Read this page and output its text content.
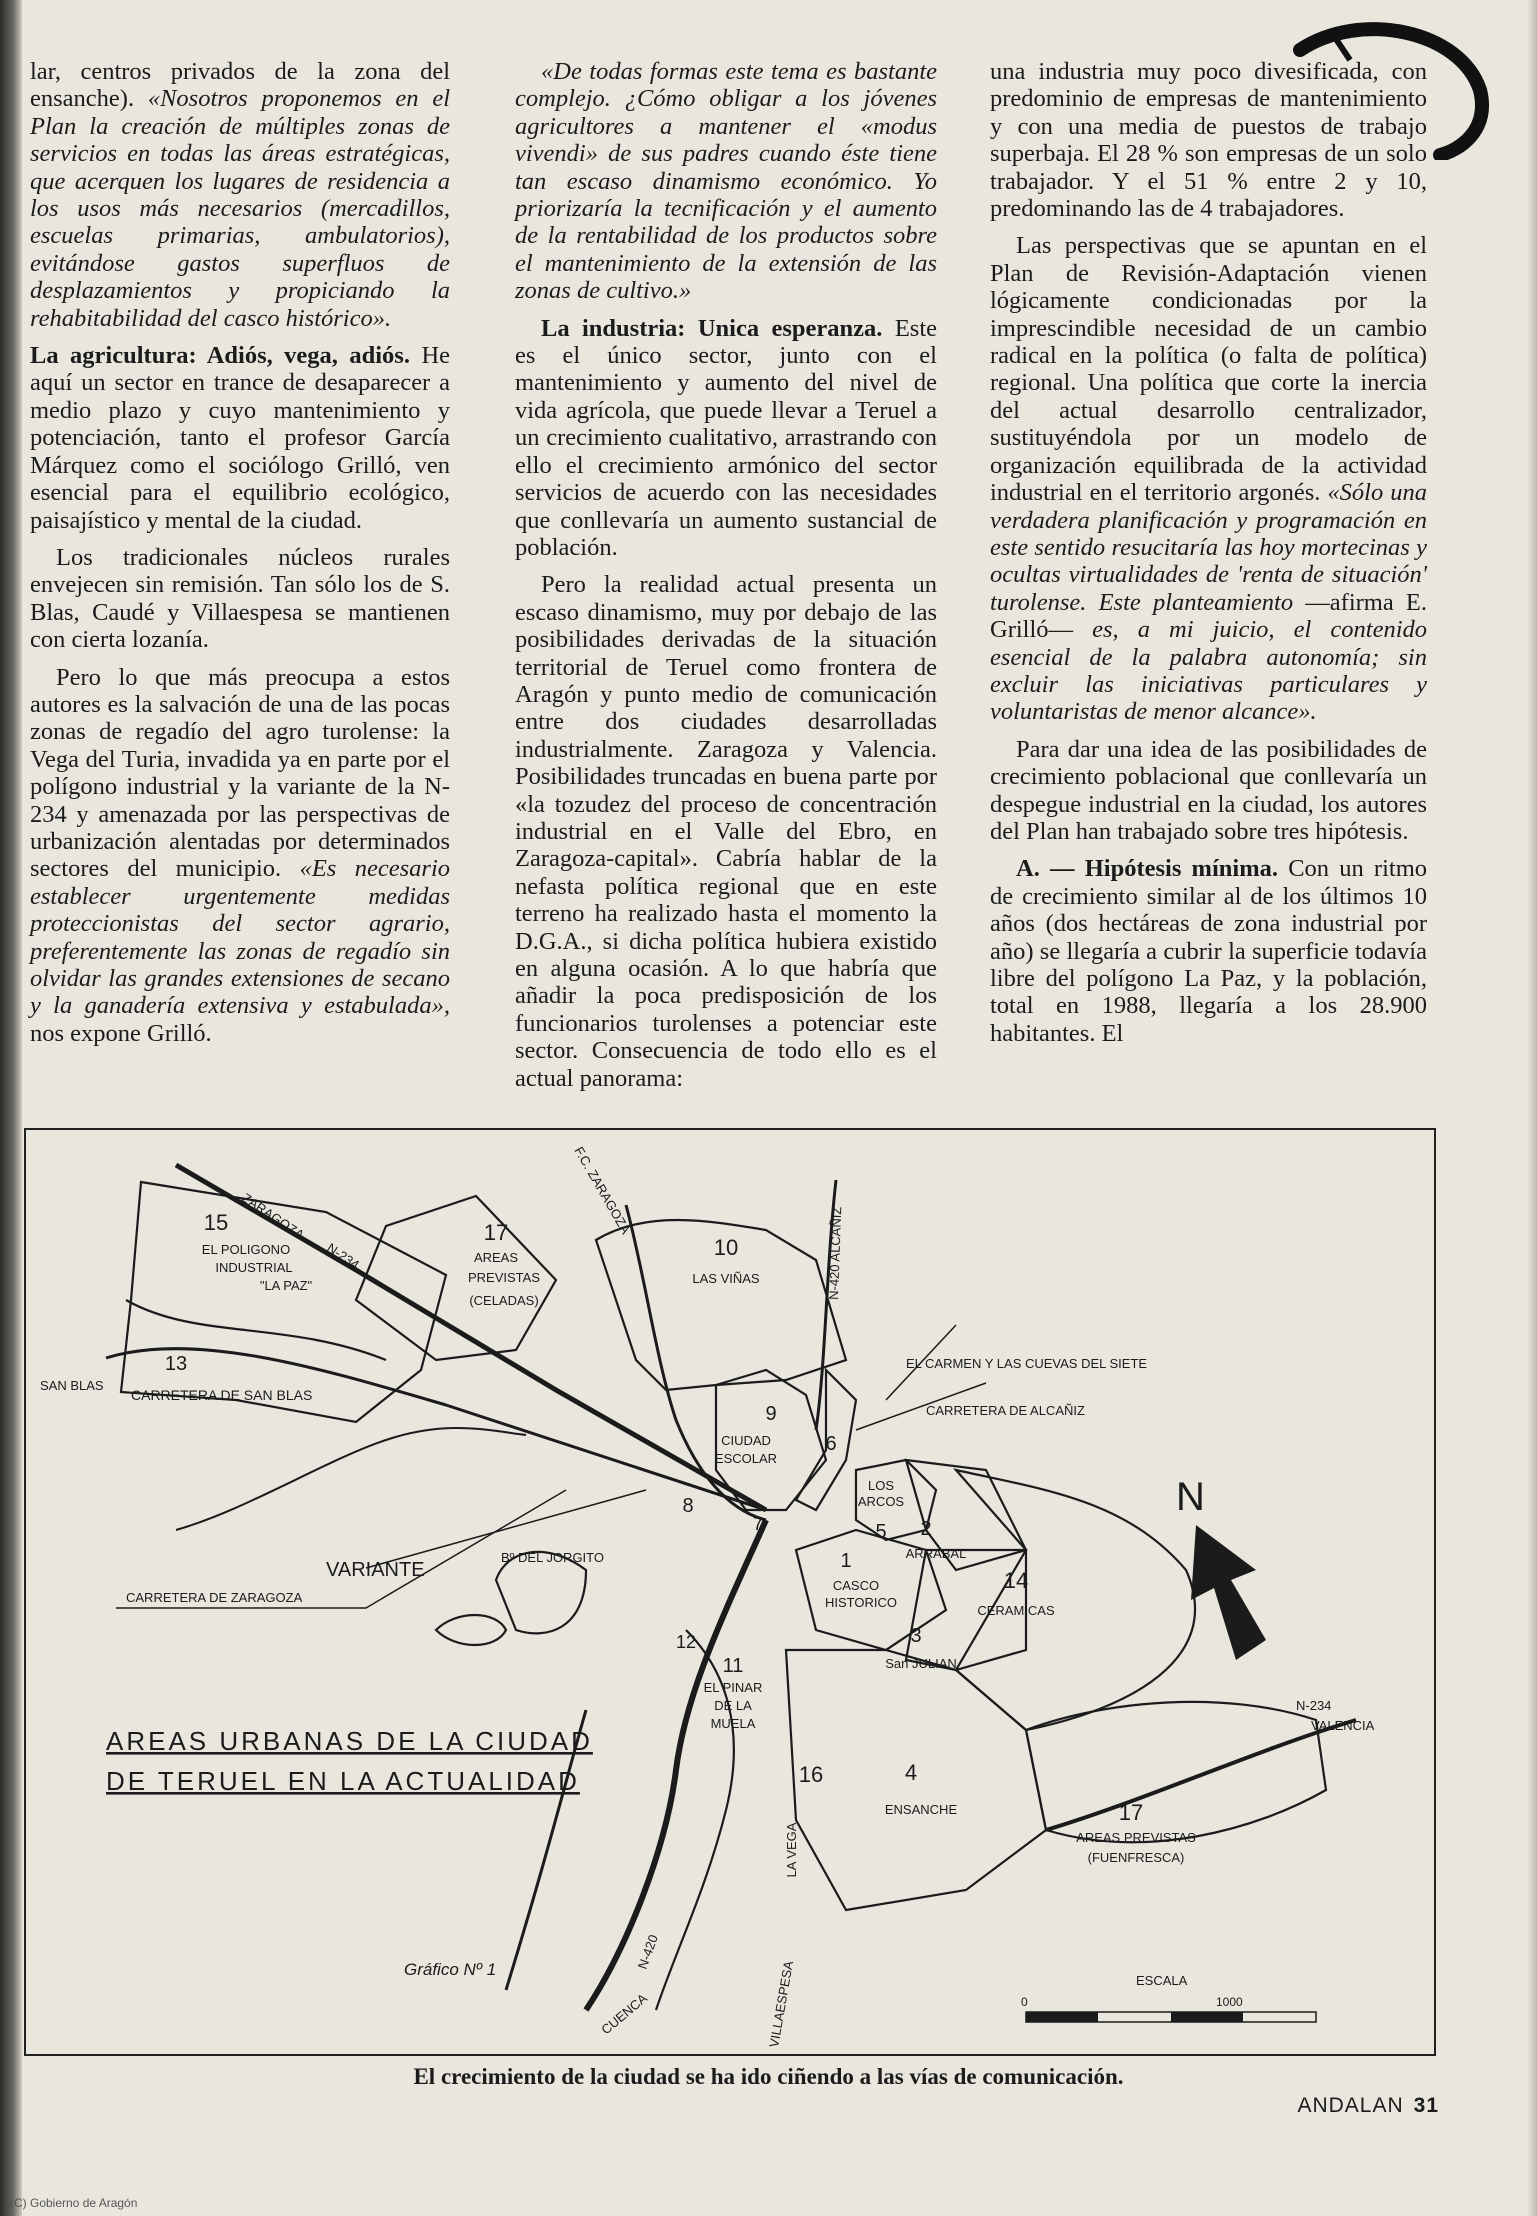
lar, centros privados de la zona del ensanche). «Nosotros proponemos en el Plan la creación de múltiples zonas de servicios en todas las áreas estratégicas, que acerquen los lugares de residencia a los usos más necesarios (mercadillos, escuelas primarias, ambulatorios), evitándose gastos superfluos de desplazamientos y propiciando la rehabitabilidad del casco histórico».

La agricultura: Adiós, vega, adiós. He aquí un sector en trance de desaparecer a medio plazo y cuyo mantenimiento y potenciación, tanto el profesor García Márquez como el sociólogo Grilló, ven esencial para el equilibrio ecológico, paisajístico y mental de la ciudad.

Los tradicionales núcleos rurales envejecen sin remisión. Tan sólo los de S. Blas, Caudé y Villaespesa se mantienen con cierta lozanía.

Pero lo que más preocupa a estos autores es la salvación de una de las pocas zonas de regadío del agro turolense: la Vega del Turia, invadida ya en parte por el polígono industrial y la variante de la N-234 y amenazada por las perspectivas de urbanización alentadas por determinados sectores del municipio. «Es necesario establecer urgentemente medidas proteccionistas del sector agrario, preferentemente las zonas de regadío sin olvidar las grandes extensiones de secano y la ganadería extensiva y estabulada», nos expone Grilló.

«De todas formas este tema es bastante complejo. ¿Cómo obligar a los jóvenes agricultores a mantener el «modus vivendi» de sus padres cuando éste tiene tan escaso dinamismo económico. Yo priorizaría la tecnificación y el aumento de la rentabilidad de los productos sobre el mantenimiento de la extensión de las zonas de cultivo.»

La industria: Unica esperanza. Este es el único sector, junto con el mantenimiento y aumento del nivel de vida agrícola, que puede llevar a Teruel a un crecimiento cualitativo, arrastrando con ello el crecimiento armónico del sector servicios de acuerdo con las necesidades que conllevaría un aumento sustancial de población.

Pero la realidad actual presenta un escaso dinamismo, muy por debajo de las posibilidades derivadas de la situación territorial de Teruel como frontera de Aragón y punto medio de comunicación entre dos ciudades desarrolladas industrialmente. Zaragoza y Valencia. Posibilidades truncadas en buena parte por «la tozudez del proceso de concentración industrial en el Valle del Ebro, en Zaragoza-capital». Cabría hablar de la nefasta política regional que en este terreno ha realizado hasta el momento la D.G.A., si dicha política hubiera existido en alguna ocasión. A lo que habría que añadir la poca predisposición de los funcionarios turolenses a potenciar este sector. Consecuencia de todo ello es el actual panorama:

una industria muy poco divesificada, con predominio de empresas de mantenimiento y con una media de puestos de trabajo superbaja. El 28 % son empresas de un solo trabajador. Y el 51 % entre 2 y 10, predominando las de 4 trabajadores.

Las perspectivas que se apuntan en el Plan de Revisión-Adaptación vienen lógicamente condicionadas por la imprescindible necesidad de un cambio radical en la política (o falta de política) regional. Una política que corte la inercia del actual desarrollo centralizador, sustituyéndola por un modelo de organización equilibrada de la actividad industrial en el territorio argonés. «Sólo una verdadera planificación y programación en este sentido resucitaría las hoy mortecinas y ocultas virtualidades de 'renta de situación' turolense. Este planteamiento —afirma E. Grilló— es, a mi juicio, el contenido esencial de la palabra autonomía; sin excluir las iniciativas particulares y voluntaristas de menor alcance».

Para dar una idea de las posibilidades de crecimiento poblacional que conllevaría un despegue industrial en la ciudad, los autores del Plan han trabajado sobre tres hipótesis.

A. — Hipótesis mínima. Con un ritmo de crecimiento similar al de los últimos 10 años (dos hectáreas de zona industrial por año) se llegaría a cubrir la superficie todavía libre del polígono La Paz, y la población, total en 1988, llegaría a los 28.900 habitantes. El

N
ESCALA
0	1000
AREAS URBANAS DE LA CIUDAD
DE TERUEL EN LA ACTUALIDAD
Gráfico Nº 1
ZARAGOZA
N-234
F.C. ZARAGOZA
N-420 ALCAÑIZ
SAN BLAS
CARRETERA DE SAN BLAS
VARIANTE
CARRETERA DE ZARAGOZA
EL CARMEN Y LAS CUEVAS DEL SIETE
CARRETERA DE ALCAÑIZ
Bº DEL JORGITO
N-234
VALENCIA
N-420
CUENCA	VILLAESPESA
15
EL POLIGONO
INDUSTRIAL
"LA PAZ"
17
AREAS
PREVISTAS
(CELADAS)
10
LAS VIÑAS
13
9
CIUDAD
ESCOLAR
6
8
7	5
LOS
ARCOS
2
ARRABAL
1
CASCO
HISTORICO
14
CERAMICAS
3
San JULIAN
12
11
EL PINAR
DE LA
MUELA
16
LA VEGA
4
ENSANCHE	17
AREAS PREVISTAS
(FUENFRESCA)
El crecimiento de la ciudad se ha ido ciñendo a las vías de comunicación.
ANDALAN 31
(C) Gobierno de Aragón
